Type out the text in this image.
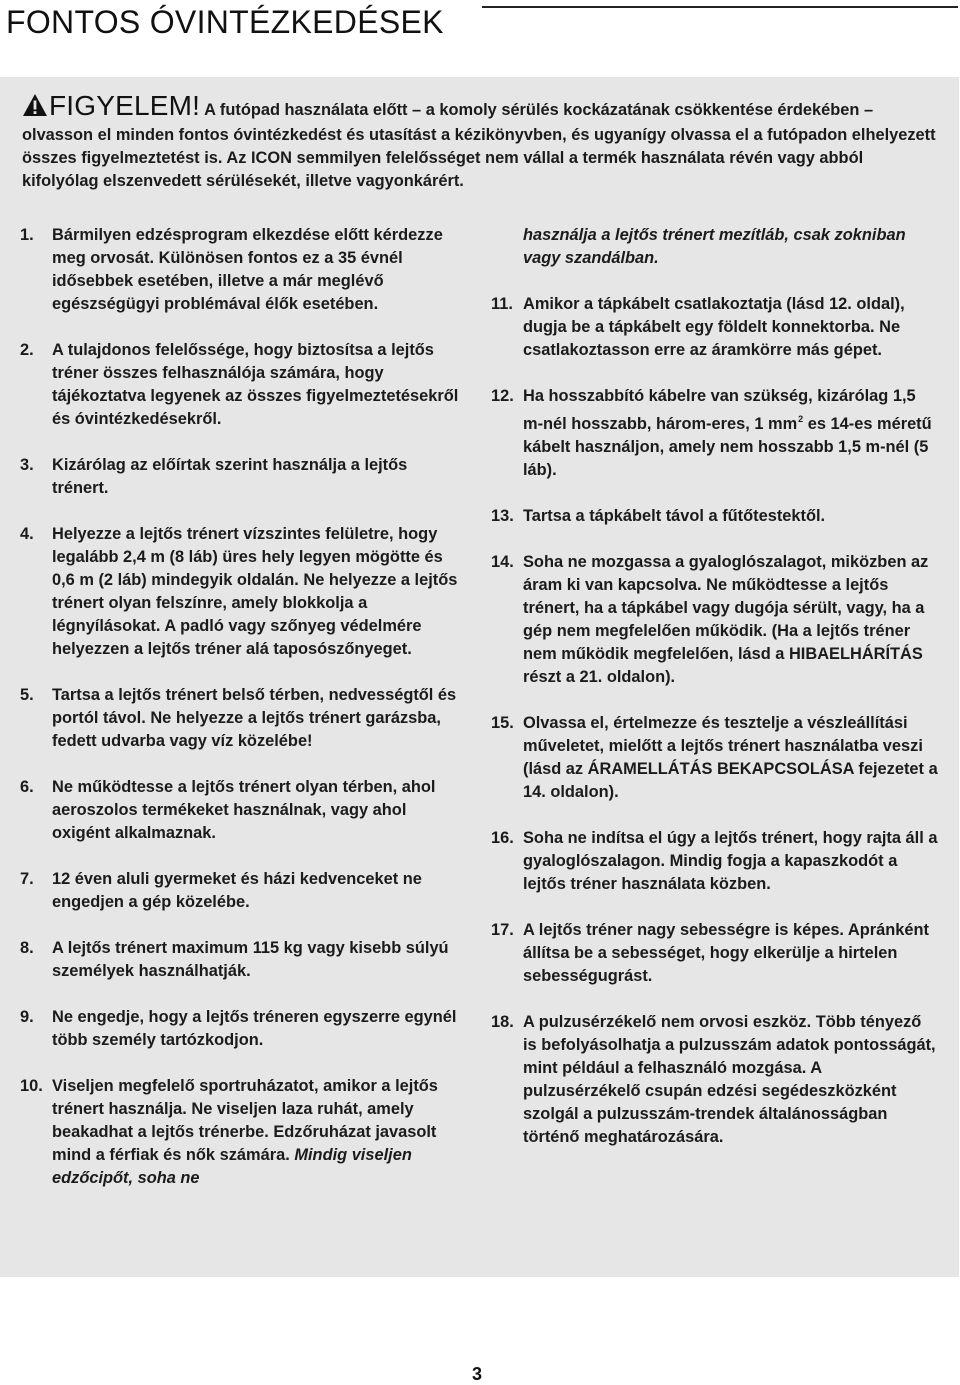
FONTOS ÓVINTÉZKEDÉSEK
FIGYELEM! A futópad használata előtt – a komoly sérülés kockázatának csökkentése érdekében – olvasson el minden fontos óvintézkedést és utasítást a kézikönyvben, és ugyanígy olvassa el a futópadon elhelyezett összes figyelmeztetést is. Az ICON semmilyen felelősséget nem vállal a termék használata révén vagy abból kifolyólag elszenvedett sérülésekét, illetve vagyonkárért.
1.	Bármilyen edzésprogram elkezdése előtt kérdezze meg orvosát. Különösen fontos ez a 35 évnél idősebbek esetében, illetve a már meglévő egészségügyi problémával élők esetében.
2.	A tulajdonos felelőssége, hogy biztosítsa a lejtős tréner összes felhasználója számára, hogy tájékoztatva legyenek az összes figyelmeztetésekről és óvintézkedésekről.
3.	Kizárólag az előírtak szerint használja a lejtős trénert.
4.	Helyezze a lejtős trénert vízszintes felületre, hogy legalább 2,4 m (8 láb) üres hely legyen mögötte és 0,6 m (2 láb) mindegyik oldalán. Ne helyezze a lejtős trénert olyan felszínre, amely blokkolja a légnyílásokat. A padló vagy szőnyeg védelmére helyezzen a lejtős tréner alá taposószőnyeget.
5.	Tartsa a lejtős trénert belső térben, nedvességtől és portól távol. Ne helyezze a lejtős trénert garázsba, fedett udvarba vagy víz közelébe!
6.	Ne működtesse a lejtős trénert olyan térben, ahol aeroszolos termékeket használnak, vagy ahol oxigént alkalmaznak.
7.	12 éven aluli gyermeket és házi kedvenceket ne engedjen a gép közelébe.
8.	A lejtős trénert maximum 115 kg vagy kisebb súlyú személyek használhatják.
9.	Ne engedje, hogy a lejtős tréneren egyszerre egynél több személy tartózkodjon.
10. Viseljen megfelelő sportruházatot, amikor a lejtős trénert használja. Ne viseljen laza ruhát, amely beakadhat a lejtős trénerbe. Edzőruházat javasolt mind a férfiak és nők számára. Mindig viseljen edzőcipőt, soha ne
használja a lejtős trénert mezítláb, csak zokniban vagy szandálban.
11. Amikor a tápkábelt csatlakoztatja (lásd 12. oldal), dugja be a tápkábelt egy földelt konnektorba. Ne csatlakoztasson erre az áramkörre más gépet.
12. Ha hosszabbító kábelre van szükség, kizárólag 1,5 m-nél hosszabb, három-eres, 1 $mm^2$ es 14-es méretű kábelt használjon, amely nem hosszabb 1,5 m-nél (5 láb).
13. Tartsa a tápkábelt távol a fűtőtestektől.
14. Soha ne mozgassa a gyaloglószalagot, miközben az áram ki van kapcsolva. Ne működtesse a lejtős trénert, ha a tápkábel vagy dugója sérült, vagy, ha a gép nem megfelelően működik. (Ha a lejtős tréner nem működik megfelelően, lásd a HIBAELHÁRÍTÁS részt a 21. oldalon).
15. Olvassa el, értelmezze és tesztelje a vészleállítási műveletet, mielőtt a lejtős trénert használatba veszi (lásd az ÁRAMELLÁTÁS BEKAPCSOLÁSA fejezetet a 14. oldalon).
16. Soha ne indítsa el úgy a lejtős trénert, hogy rajta áll a gyaloglószalagon. Mindig fogja a kapaszkodót a lejtős tréner használata közben.
17. A lejtős tréner nagy sebességre is képes. Apránként állítsa be a sebességet, hogy elkerülje a hirtelen sebességugrást.
18. A pulzusérzékelő nem orvosi eszköz. Több tényező is befolyásolhatja a pulzusszám adatok pontosságát, mint például a felhasználó mozgása. A pulzusérzékelő csupán edzési segédeszközként szolgál a pulzusszám-trendek általánosságban történő meghatározására.
3
